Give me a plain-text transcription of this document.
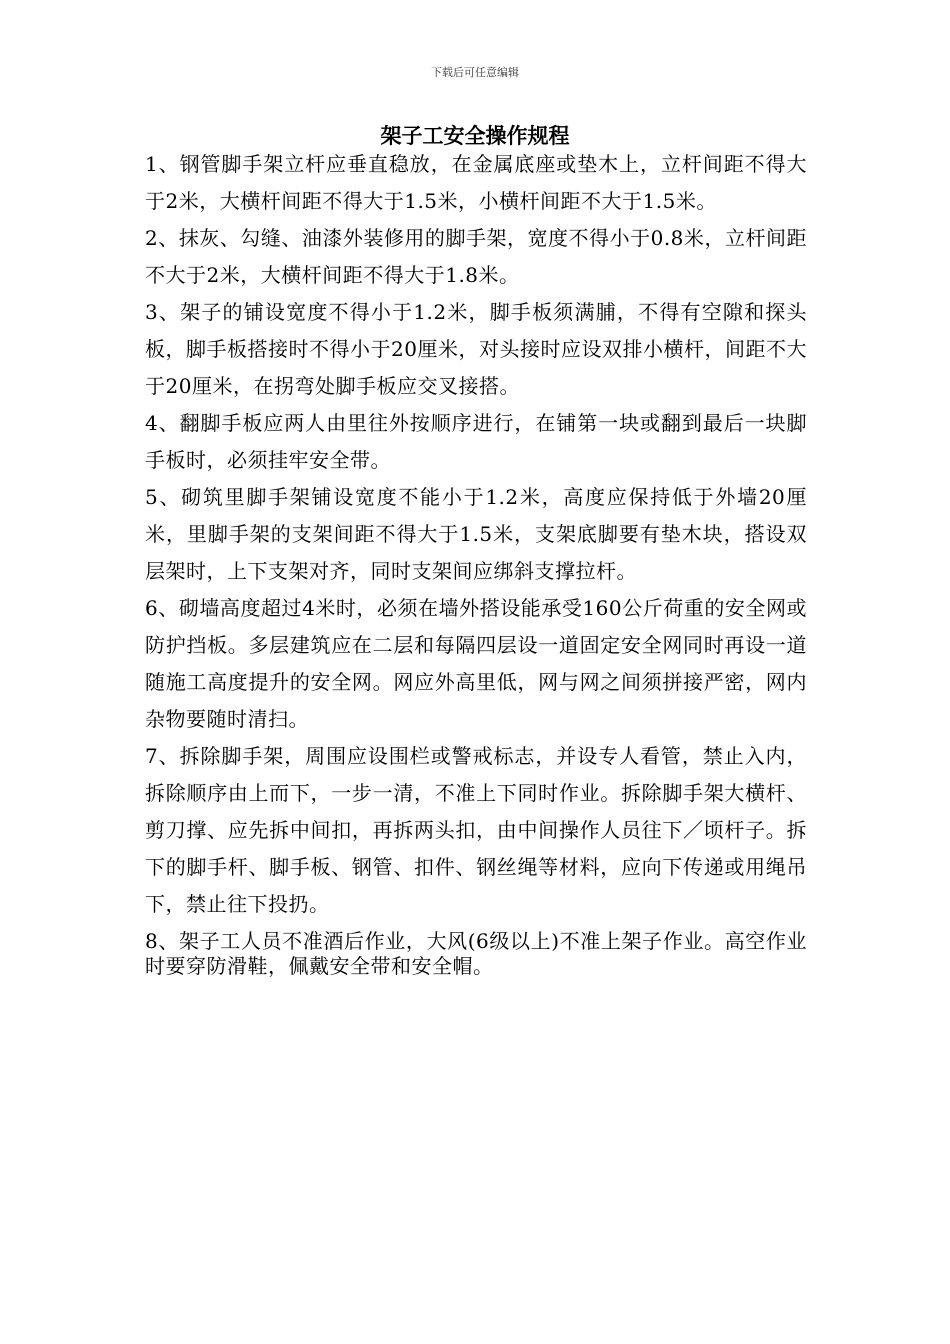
下载后可任意编辑
架子工安全操作规程

1、钢管脚手架立杆应垂直稳放，在金属底座或垫木上，立杆间距不得大于2米，大横杆间距不得大于1.5米，小横杆间距不大于1.5米。

2、抹灰、勾缝、油漆外装修用的脚手架，宽度不得小于0.8米，立杆间距不大于2米，大横杆间距不得大于1.8米。

3、架子的铺设宽度不得小于1.2米，脚手板须满脯，不得有空隙和探头板，脚手板搭接时不得小于20厘米，对头接时应设双排小横杆，间距不大于20厘米，在拐弯处脚手板应交叉接搭。

4、翻脚手板应两人由里往外按顺序进行，在铺第一块或翻到最后一块脚手板时，必须挂牢安全带。

5、砌筑里脚手架铺设宽度不能小于1.2米，高度应保持低于外墙20厘米，里脚手架的支架间距不得大于1.5米，支架底脚要有垫木块，搭设双层架时，上下支架对齐，同时支架间应绑斜支撑拉杆。

6、砌墙高度超过4米时，必须在墙外搭设能承受160公斤荷重的安全网或防护挡板。多层建筑应在二层和每隔四层设一道固定安全网同时再设一道随施工高度提升的安全网。网应外高里低，网与网之间须拼接严密，网内杂物要随时清扫。

7、拆除脚手架，周围应设围栏或警戒标志，并设专人看管，禁止入内，拆除顺序由上而下，一步一清，不准上下同时作业。拆除脚手架大横杆、剪刀撑、应先拆中间扣，再拆两头扣，由中间操作人员往下／顷杆子。拆下的脚手杆、脚手板、钢管、扣件、钢丝绳等材料，应向下传递或用绳吊下，禁止往下投扔。

8、架子工人员不准酒后作业，大风(6级以上)不准上架子作业。高空作业时要穿防滑鞋，佩戴安全带和安全帽。
